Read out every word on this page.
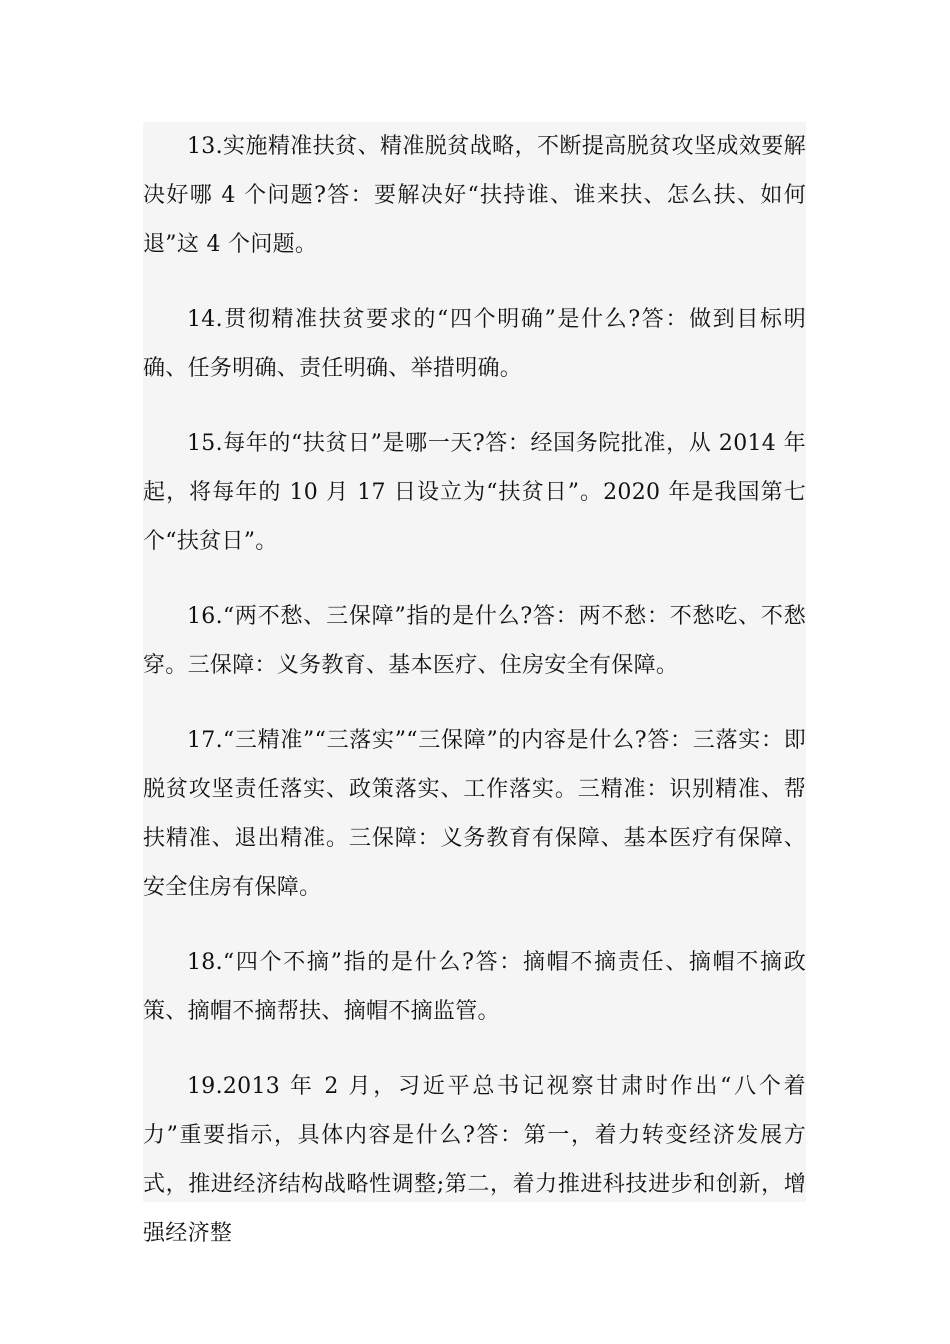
13.实施精准扶贫、精准脱贫战略，不断提高脱贫攻坚成效要解决好哪 4 个问题?答：要解决好“扶持谁、谁来扶、怎么扶、如何退”这 4 个问题。

14.贯彻精准扶贫要求的“四个明确”是什么?答：做到目标明确、任务明确、责任明确、举措明确。

15.每年的“扶贫日”是哪一天?答：经国务院批准，从 2014 年起，将每年的 10 月 17 日设立为“扶贫日”。2020 年是我国第七个“扶贫日”。

16.“两不愁、三保障”指的是什么?答：两不愁：不愁吃、不愁穿。三保障：义务教育、基本医疗、住房安全有保障。

17.“三精准”“三落实”“三保障”的内容是什么?答：三落实：即脱贫攻坚责任落实、政策落实、工作落实。三精准：识别精准、帮扶精准、退出精准。三保障：义务教育有保障、基本医疗有保障、安全住房有保障。

18.“四个不摘”指的是什么?答：摘帽不摘责任、摘帽不摘政策、摘帽不摘帮扶、摘帽不摘监管。

19.2013 年 2 月，习近平总书记视察甘肃时作出“八个着力”重要指示，具体内容是什么?答：第一，着力转变经济发展方式，推进经济结构战略性调整;第二，着力推进科技进步和创新，增强经济整
